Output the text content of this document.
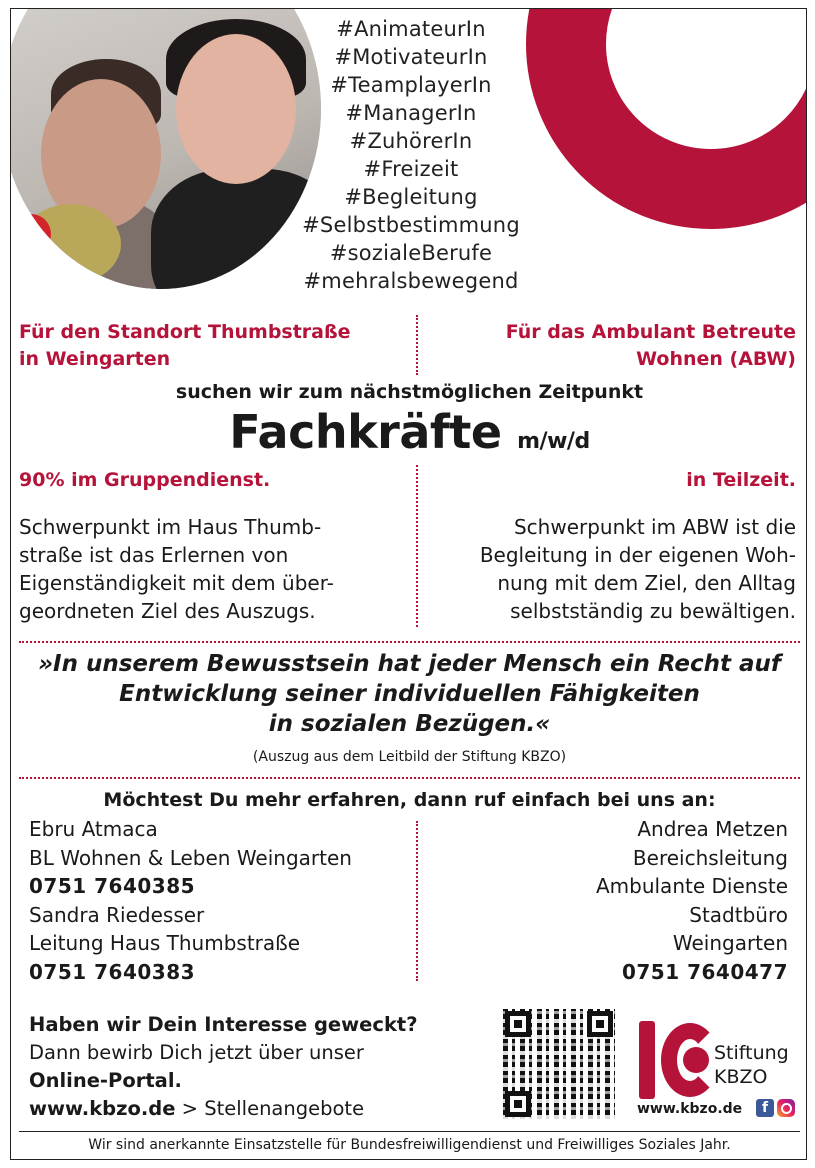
#AnimateurIn
#MotivateurIn
#TeamplayerIn
#ManagerIn
#ZuhörerIn
#Freizeit
#Begleitung
#Selbstbestimmung
#sozialeBerufe
#mehralsbewegend
Für den Standort Thumbstraße
in Weingarten
Für das Ambulant Betreute
Wohnen (ABW)
suchen wir zum nächstmöglichen Zeitpunkt
Fachkräfte m/w/d
90% im Gruppendienst.	in Teilzeit.
Schwerpunkt im Haus Thumb-
straße ist das Erlernen von
Eigenständigkeit mit dem über-
geordneten Ziel des Auszugs.
Schwerpunkt im ABW ist die
Begleitung in der eigenen Woh-
nung mit dem Ziel, den Alltag
selbstständig zu bewältigen.
»In unserem Bewusstsein hat jeder Mensch ein Recht auf
Entwicklung seiner individuellen Fähigkeiten
in sozialen Bezügen.«
(Auszug aus dem Leitbild der Stiftung KBZO)
Möchtest Du mehr erfahren, dann ruf einfach bei uns an:
Ebru Atmaca
BL Wohnen & Leben Weingarten
0751 7640385
Sandra Riedesser
Leitung Haus Thumbstraße
0751 7640383
Andrea Metzen
Bereichsleitung
Ambulante Dienste
Stadtbüro
Weingarten
0751 7640477
Haben wir Dein Interesse geweckt?
Dann bewirb Dich jetzt über unser
Online-Portal.
www.kbzo.de > Stellenangebote
Stiftung
KBZO
www.kbzo.de	f
Wir sind anerkannte Einsatzstelle für Bundesfreiwilligendienst und Freiwilliges Soziales Jahr.
